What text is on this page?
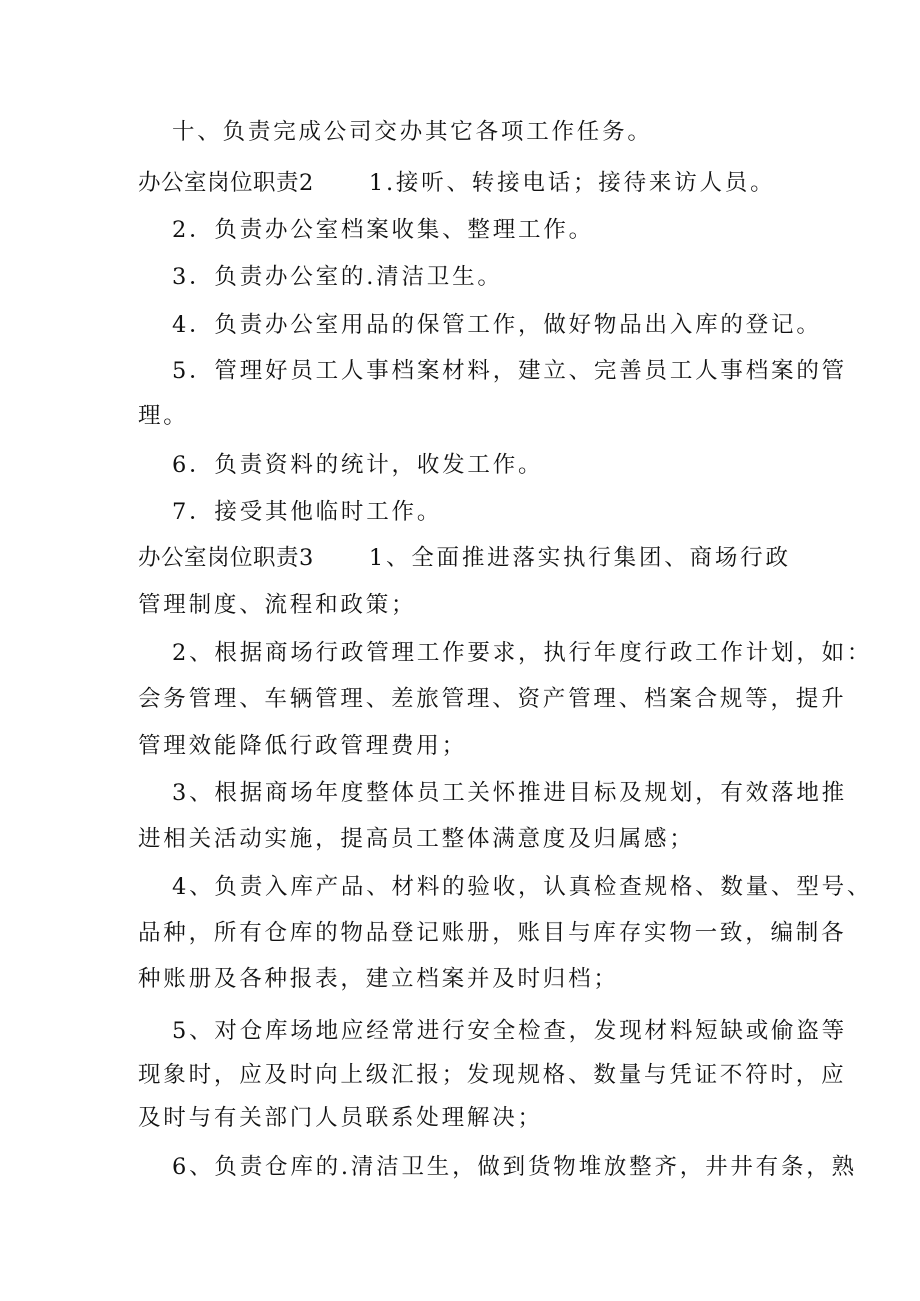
十、负责完成公司交办其它各项工作任务。
办公室岗位职责2 1.接听、转接电话；接待来访人员。
2．负责办公室档案收集、整理工作。
3．负责办公室的.清洁卫生。
4．负责办公室用品的保管工作，做好物品出入库的登记。
5．管理好员工人事档案材料，建立、完善员工人事档案的管
理。
6．负责资料的统计，收发工作。
7．接受其他临时工作。
办公室岗位职责3 1、全面推进落实执行集团、商场行政
管理制度、流程和政策；
2、根据商场行政管理工作要求，执行年度行政工作计划，如：
会务管理、车辆管理、差旅管理、资产管理、档案合规等，提升
管理效能降低行政管理费用；
3、根据商场年度整体员工关怀推进目标及规划，有效落地推
进相关活动实施，提高员工整体满意度及归属感；
4、负责入库产品、材料的验收，认真检查规格、数量、型号、
品种，所有仓库的物品登记账册，账目与库存实物一致，编制各
种账册及各种报表，建立档案并及时归档；
5、对仓库场地应经常进行安全检查，发现材料短缺或偷盗等
现象时，应及时向上级汇报；发现规格、数量与凭证不符时，应
及时与有关部门人员联系处理解决；
6、负责仓库的.清洁卫生，做到货物堆放整齐，井井有条，熟
